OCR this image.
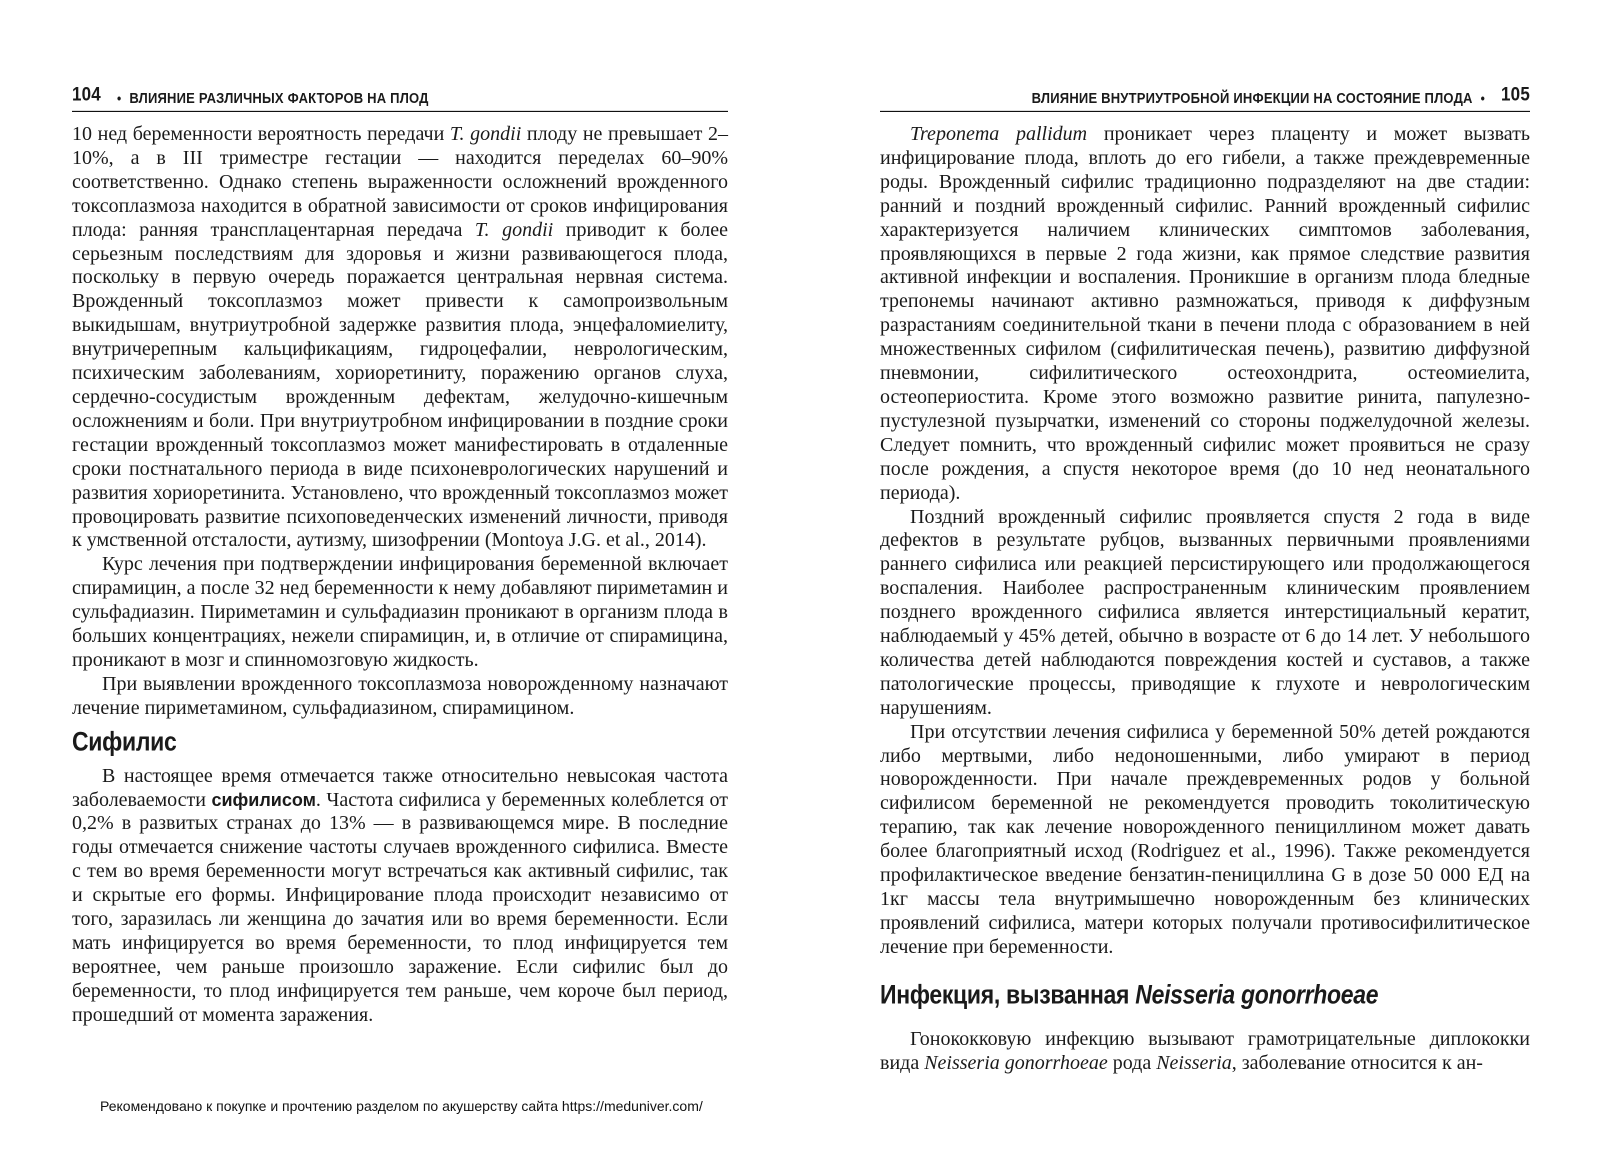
104 • ВЛИЯНИЕ РАЗЛИЧНЫХ ФАКТОРОВ НА ПЛОД

10 нед беременности вероятность передачи T. gondii плоду не превышает 2–10%, а в III триместре гестации — находится переделах 60–90% соответственно. Однако степень выраженности осложнений врожденного токсоплазмоза находится в обратной зависимости от сроков инфицирования плода: ранняя трансплацентарная передача T. gondii приводит к более серьезным последствиям для здоровья и жизни развивающегося плода, поскольку в первую очередь поражается центральная нервная система. Врожденный токсоплазмоз может привести к самопроизвольным выкидышам, внутриутробной задержке развития плода, энцефаломиелиту, внутричерепным кальцификациям, гидроцефалии, неврологическим, психическим заболеваниям, хориоретиниту, поражению органов слуха, сердечно-сосудистым врожденным дефектам, желудочно-кишечным осложнениям и боли. При внутриутробном инфицировании в поздние сроки гестации врожденный токсоплазмоз может манифестировать в отдаленные сроки постнатального периода в виде психоневрологических нарушений и развития хориоретинита. Установлено, что врожденный токсоплазмоз может провоцировать развитие психоповеденческих изменений личности, приводя к умственной отсталости, аутизму, шизофрении (Montoya J.G. et al., 2014).

Курс лечения при подтверждении инфицирования беременной включает спирамицин, а после 32 нед беременности к нему добавляют пириметамин и сульфадиазин. Пириметамин и сульфадиазин проникают в организм плода в больших концентрациях, нежели спирамицин, и, в отличие от спирамицина, проникают в мозг и спинномозговую жидкость.

При выявлении врожденного токсоплазмоза новорожденному назначают лечение пириметамином, сульфадиазином, спирамицином.

Сифилис

В настоящее время отмечается также относительно невысокая частота заболеваемости сифилисом. Частота сифилиса у беременных колеблется от 0,2% в развитых странах до 13% — в развивающемся мире. В последние годы отмечается снижение частоты случаев врожденного сифилиса. Вместе с тем во время беременности могут встречаться как активный сифилис, так и скрытые его формы. Инфицирование плода происходит независимо от того, заразилась ли женщина до зачатия или во время беременности. Если мать инфицируется во время беременности, то плод инфицируется тем вероятнее, чем раньше произошло заражение. Если сифилис был до беременности, то плод инфицируется тем раньше, чем короче был период, прошедший от момента заражения.

ВЛИЯНИЕ ВНУТРИУТРОБНОЙ ИНФЕКЦИИ НА СОСТОЯНИЕ ПЛОДА • 105

Treponema pallidum проникает через плаценту и может вызвать инфицирование плода, вплоть до его гибели, а также преждевременные роды. Врожденный сифилис традиционно подразделяют на две стадии: ранний и поздний врожденный сифилис. Ранний врожденный сифилис характеризуется наличием клинических симптомов заболевания, проявляющихся в первые 2 года жизни, как прямое следствие развития активной инфекции и воспаления. Проникшие в организм плода бледные трепонемы начинают активно размножаться, приводя к диффузным разрастаниям соединительной ткани в печени плода с образованием в ней множественных сифилом (сифилитическая печень), развитию диффузной пневмонии, сифилитического остеохондрита, остеомиелита, остеопериостита. Кроме этого возможно развитие ринита, папулезно-пустулезной пузырчатки, изменений со стороны поджелудочной железы. Следует помнить, что врожденный сифилис может проявиться не сразу после рождения, а спустя некоторое время (до 10 нед неонатального периода).

Поздний врожденный сифилис проявляется спустя 2 года в виде дефектов в результате рубцов, вызванных первичными проявлениями раннего сифилиса или реакцией персистирующего или продолжающегося воспаления. Наиболее распространенным клиническим проявлением позднего врожденного сифилиса является интерстициальный кератит, наблюдаемый у 45% детей, обычно в возрасте от 6 до 14 лет. У небольшого количества детей наблюдаются повреждения костей и суставов, а также патологические процессы, приводящие к глухоте и неврологическим нарушениям.

При отсутствии лечения сифилиса у беременной 50% детей рождаются либо мертвыми, либо недоношенными, либо умирают в период новорожденности. При начале преждевременных родов у больной сифилисом беременной не рекомендуется проводить токолитическую терапию, так как лечение новорожденного пенициллином может давать более благоприятный исход (Rodriguez et al., 1996). Также рекомендуется профилактическое введение бензатин-пенициллина G в дозе 50 000 ЕД на 1кг массы тела внутримышечно новорожденным без клинических проявлений сифилиса, матери которых получали противосифилитическое лечение при беременности.

Инфекция, вызванная Neisseria gonorrhoeae

Гонококковую инфекцию вызывают грамотрицательные диплококки вида Neisseria gonorrhoeae рода Neisseria, заболевание относится к ан-

Рекомендовано к покупке и прочтению разделом по акушерству сайта https://meduniver.com/
